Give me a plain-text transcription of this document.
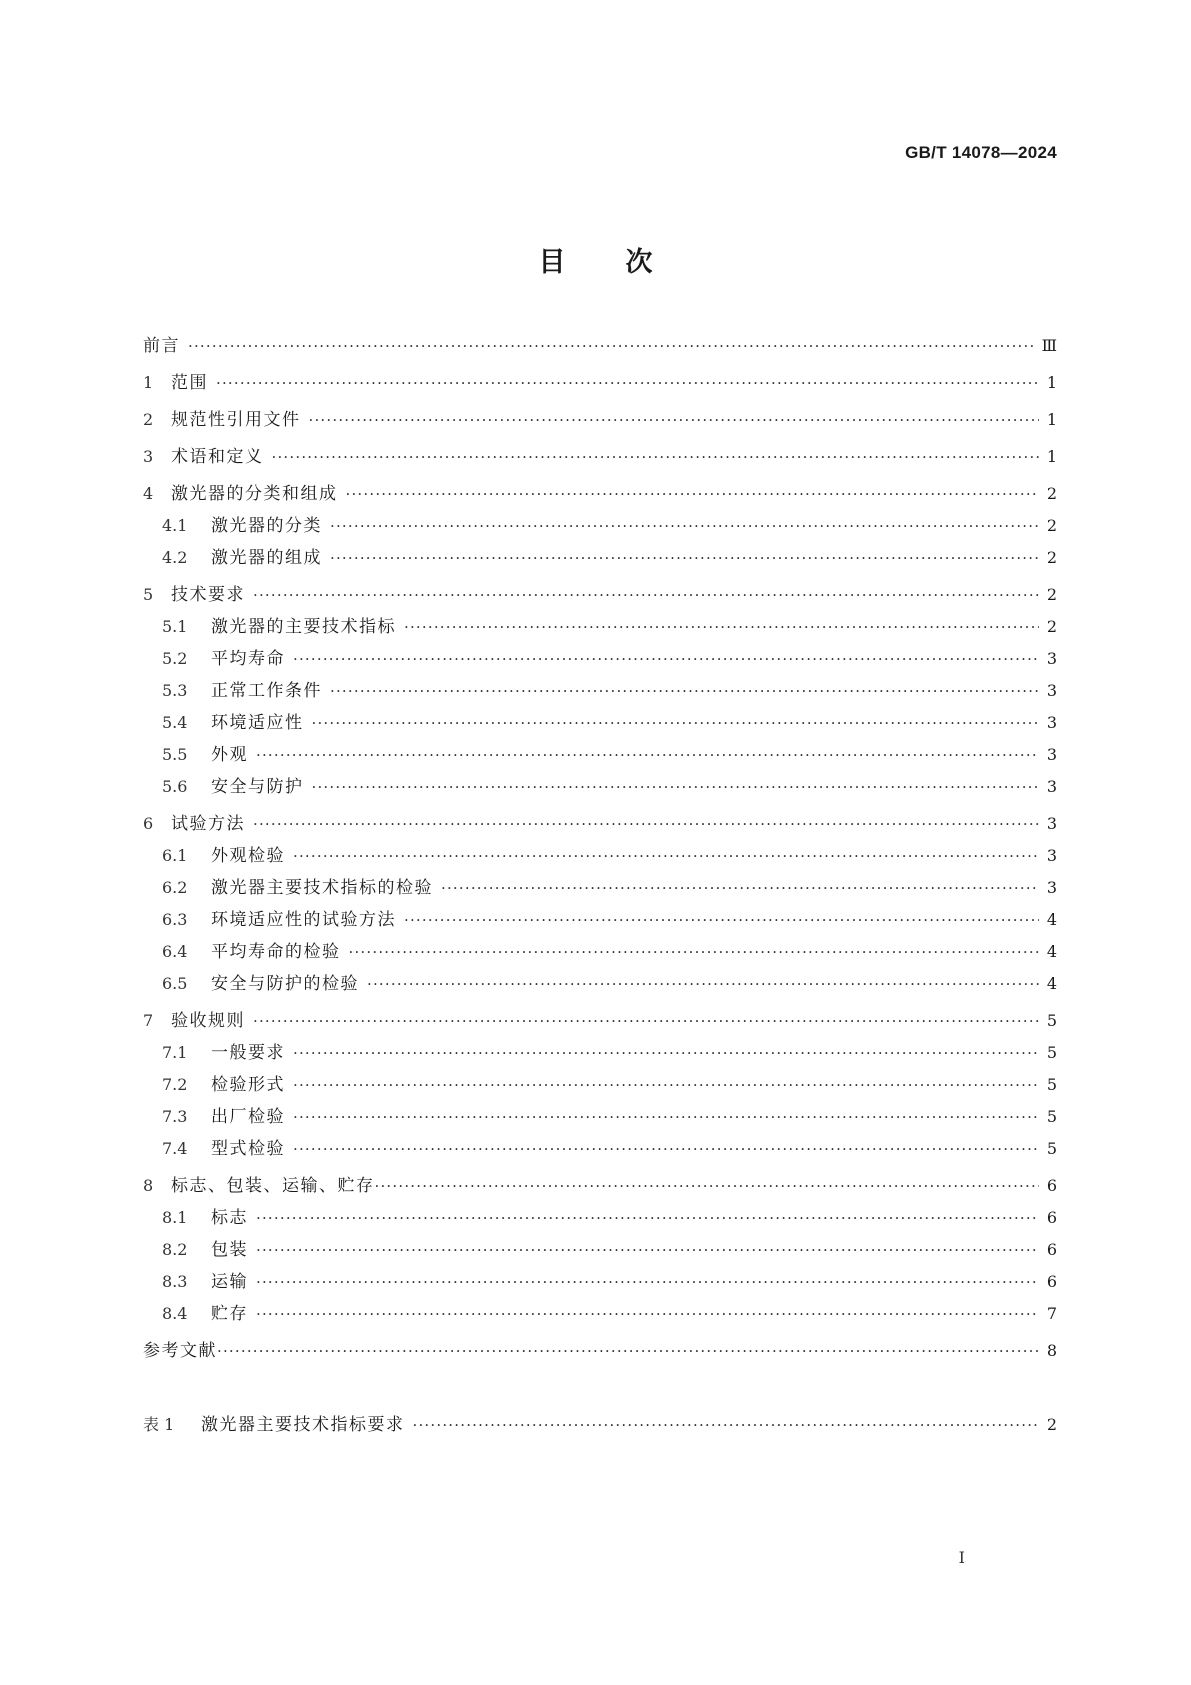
GB/T 14078—2024
目 次
前言 ·····	Ⅲ
1	范围 ·····	1
2	规范性引用文件 ·····	1
3	术语和定义 ·····	1
4	激光器的分类和组成 ·····	2
4.1	激光器的分类 ·····	2
4.2	激光器的组成 ·····	2
5	技术要求 ·····	2
5.1	激光器的主要技术指标 ·····	2
5.2	平均寿命 ·····	3
5.3	正常工作条件 ·····	3
5.4	环境适应性 ·····	3
5.5	外观 ·····	3
5.6	安全与防护 ·····	3
6	试验方法 ·····	3
6.1	外观检验 ·····	3
6.2	激光器主要技术指标的检验 ·····	3
6.3	环境适应性的试验方法 ·····	4
6.4	平均寿命的检验 ·····	4
6.5	安全与防护的检验 ·····	4
7	验收规则 ·····	5
7.1	一般要求 ·····	5
7.2	检验形式 ·····	5
7.3	出厂检验 ·····	5
7.4	型式检验 ·····	5
8	标志、包装、运输、贮存 ·····	6
8.1	标志 ·····	6
8.2	包装 ·····	6
8.3	运输 ·····	6
8.4	贮存 ·····	7
参考文献 ·····	8
表 1	激光器主要技术指标要求 ·····	2
I
